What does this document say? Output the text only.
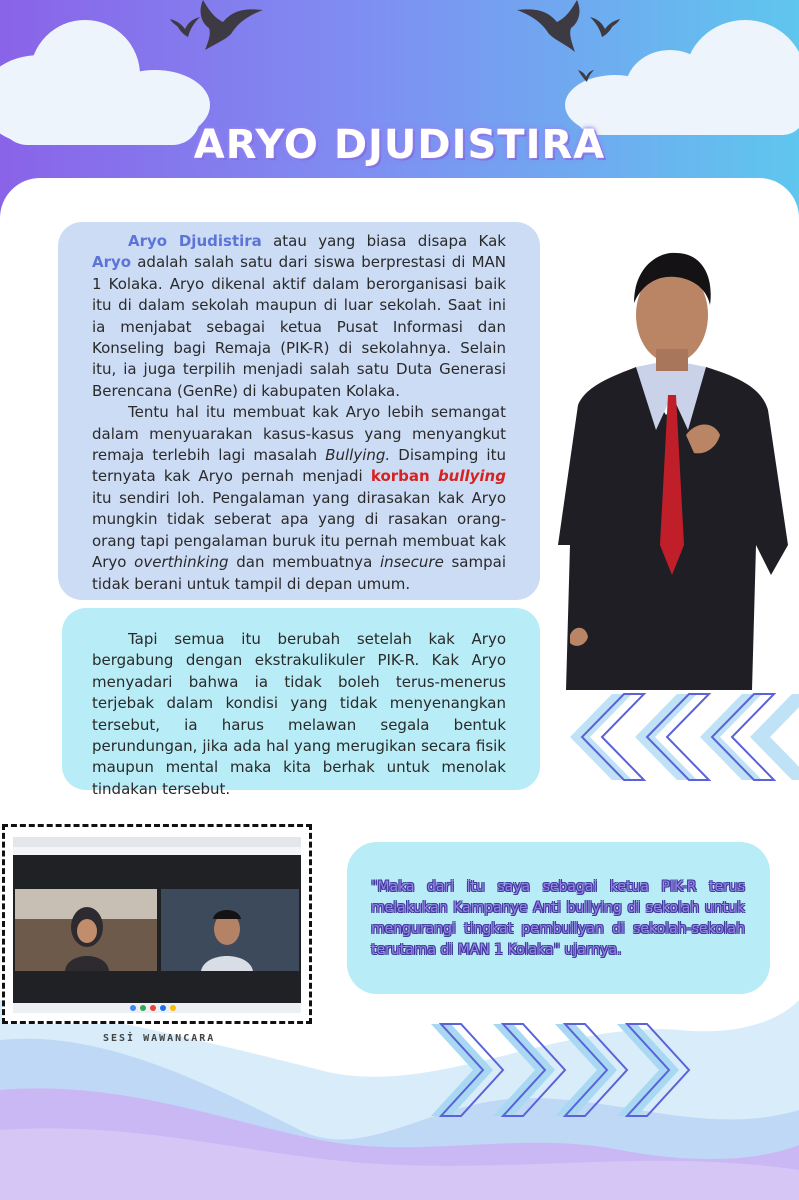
ARYO DJUDISTIRA

Aryo Djudistira atau yang biasa disapa Kak Aryo adalah salah satu dari siswa berprestasi di MAN 1 Kolaka. Aryo dikenal aktif dalam berorganisasi baik itu di dalam sekolah maupun di luar sekolah. Saat ini ia menjabat sebagai ketua Pusat Informasi dan Konseling bagi Remaja (PIK-R) di sekolahnya. Selain itu, ia juga terpilih menjadi salah satu Duta Generasi Berencana (GenRe) di kabupaten Kolaka.

Tentu hal itu membuat kak Aryo lebih semangat dalam menyuarakan kasus-kasus yang menyangkut remaja terlebih lagi masalah Bullying. Disamping itu ternyata kak Aryo pernah menjadi korban bullying itu sendiri loh. Pengalaman yang dirasakan kak Aryo mungkin tidak seberat apa yang di rasakan orang-orang tapi pengalaman buruk itu pernah membuat kak Aryo overthinking dan membuatnya insecure sampai tidak berani untuk tampil di depan umum.

Tapi semua itu berubah setelah kak Aryo bergabung dengan ekstrakulikuler PIK-R. Kak Aryo menyadari bahwa ia tidak boleh terus-menerus terjebak dalam kondisi yang tidak menyenangkan tersebut, ia harus melawan segala bentuk perundungan, jika ada hal yang merugikan secara fisik maupun mental maka kita berhak untuk menolak tindakan tersebut.

"Maka dari itu saya sebagai ketua PIK-R terus melakukan Kampanye Anti bullying di sekolah untuk mengurangi tingkat pembullyan di sekolah-sekolah terutama di MAN 1 Kolaka" ujarnya.
SESİ WAWANCARA
